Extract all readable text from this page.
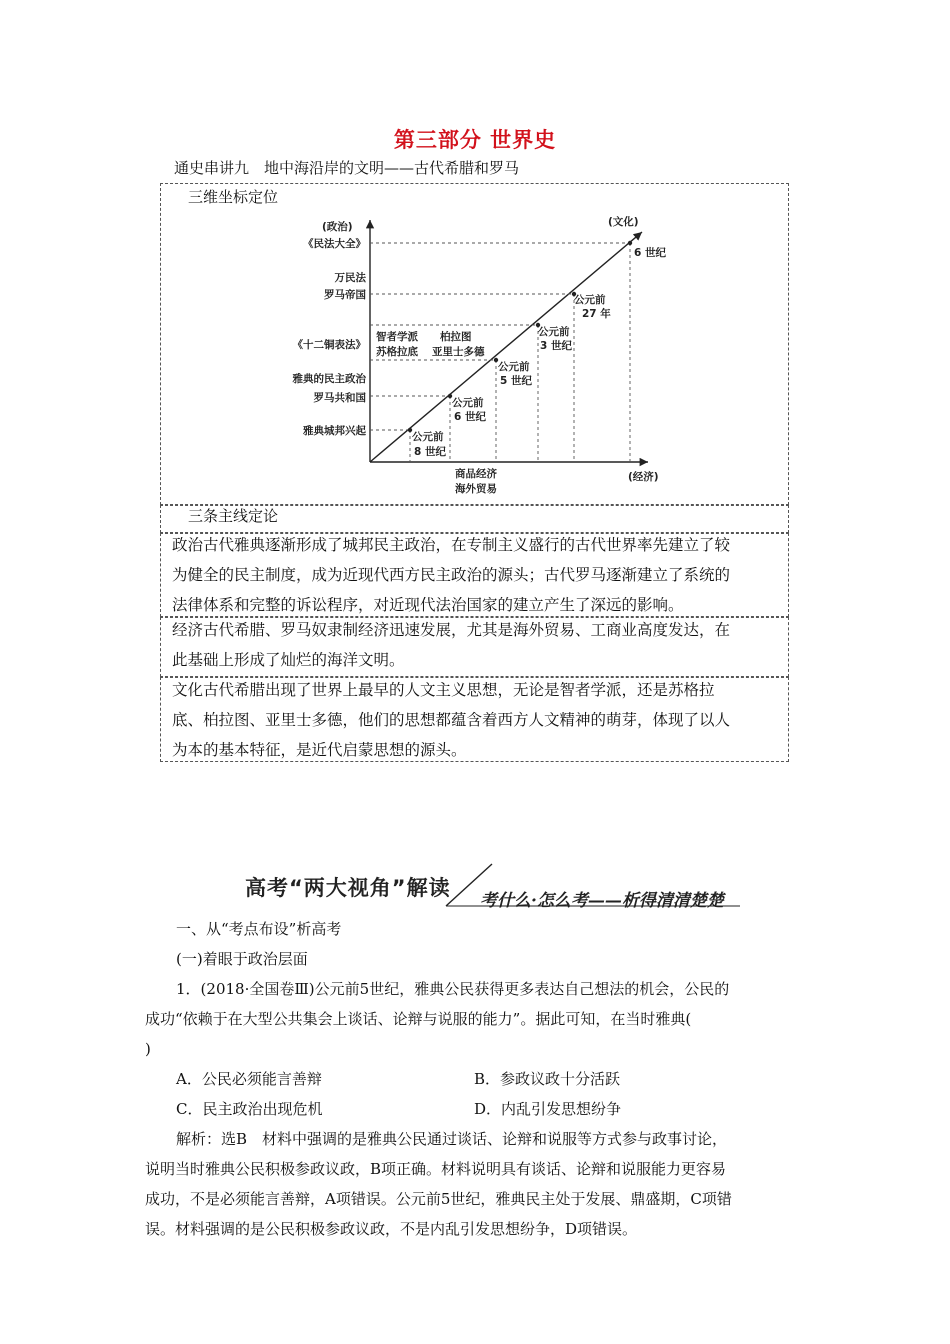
第三部分 世界史
通史串讲九　地中海沿岸的文明——古代希腊和罗马
三维坐标定位
(政治)	(文化)
(经济)
《民法大全》
万民法
罗马帝国
《十二铜表法》
雅典的民主政治
罗马共和国
雅典城邦兴起
智者学派
苏格拉底
柏拉图
亚里士多德
公元前
8 世纪
公元前
6 世纪
公元前
5 世纪
公元前
3 世纪
公元前
27 年
6 世纪
商品经济
海外贸易
三条主线定论
政治古代雅典逐渐形成了城邦民主政治，在专制主义盛行的古代世界率先建立了较
为健全的民主制度，成为近现代西方民主政治的源头；古代罗马逐渐建立了系统的
法律体系和完整的诉讼程序，对近现代法治国家的建立产生了深远的影响。
经济古代希腊、罗马奴隶制经济迅速发展，尤其是海外贸易、工商业高度发达，在
此基础上形成了灿烂的海洋文明。
文化古代希腊出现了世界上最早的人文主义思想，无论是智者学派，还是苏格拉
底、柏拉图、亚里士多德，他们的思想都蕴含着西方人文精神的萌芽，体现了以人
为本的基本特征，是近代启蒙思想的源头。
高考“两大视角”解读
考什么·怎么考——析得清清楚楚
一、从“考点布设”析高考
(一)着眼于政治层面
1．(2018·全国卷Ⅲ)公元前5世纪，雅典公民获得更多表达自己想法的机会，公民的
成功“依赖于在大型公共集会上谈话、论辩与说服的能力”。据此可知，在当时雅典(
)
A．公民必须能言善辩	B．参政议政十分活跃
C．民主政治出现危机	D．内乱引发思想纷争
解析：选B　材料中强调的是雅典公民通过谈话、论辩和说服等方式参与政事讨论，
说明当时雅典公民积极参政议政，B项正确。材料说明具有谈话、论辩和说服能力更容易
成功，不是必须能言善辩，A项错误。公元前5世纪，雅典民主处于发展、鼎盛期，C项错
误。材料强调的是公民积极参政议政，不是内乱引发思想纷争，D项错误。
